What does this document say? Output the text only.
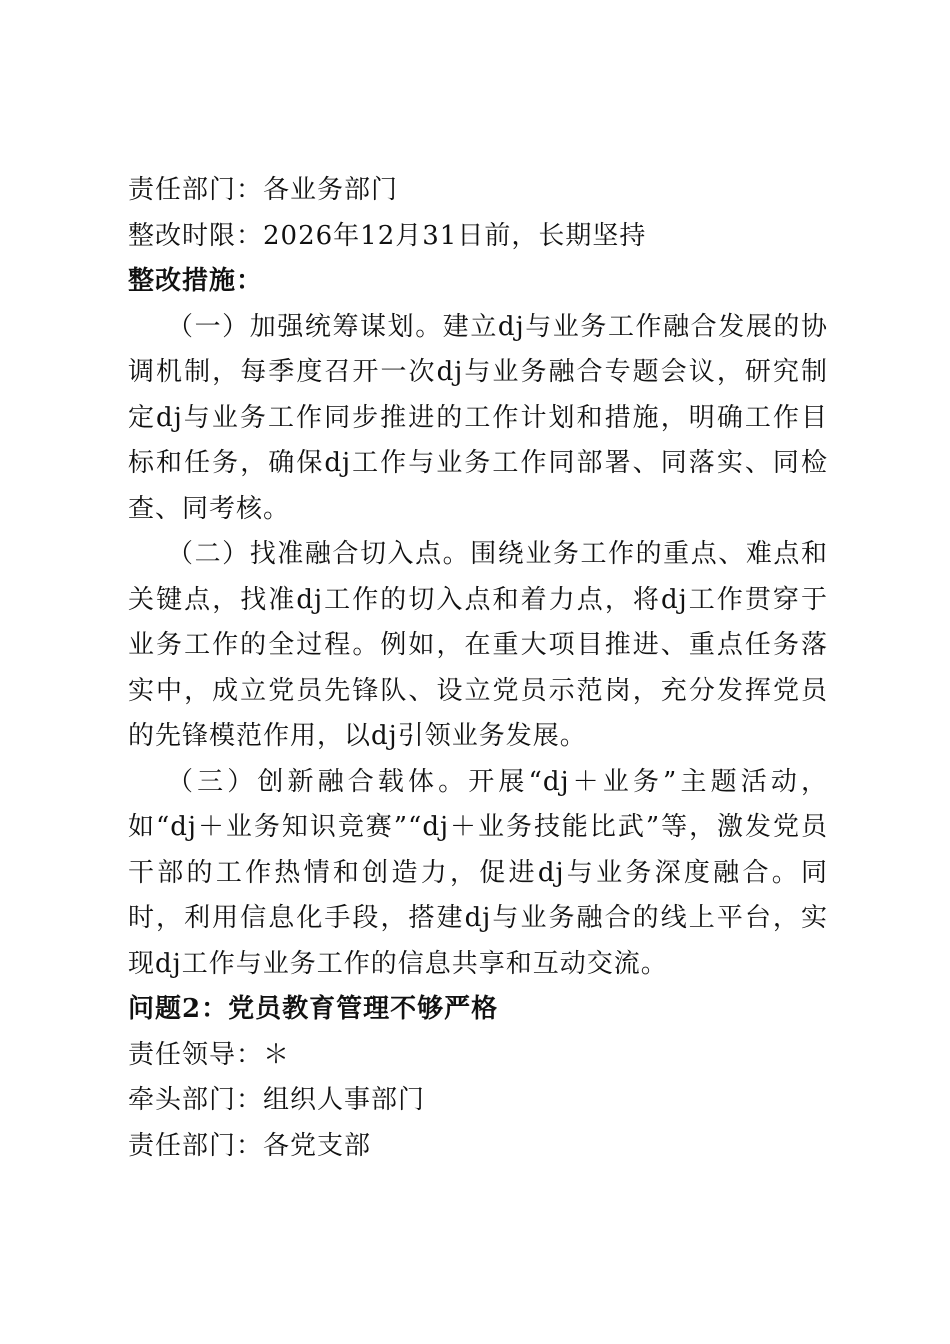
责任部门：各业务部门

整改时限：2026年12月31日前，长期坚持

整改措施：

（一）加强统筹谋划。建立dj与业务工作融合发展的协调机制，每季度召开一次dj与业务融合专题会议，研究制定dj与业务工作同步推进的工作计划和措施，明确工作目标和任务，确保dj工作与业务工作同部署、同落实、同检查、同考核。

（二）找准融合切入点。围绕业务工作的重点、难点和关键点，找准dj工作的切入点和着力点，将dj工作贯穿于业务工作的全过程。例如，在重大项目推进、重点任务落实中，成立党员先锋队、设立党员示范岗，充分发挥党员的先锋模范作用，以dj引领业务发展。

（三）创新融合载体。开展“dj＋业务”主题活动，如“dj＋业务知识竞赛”“dj＋业务技能比武”等，激发党员干部的工作热情和创造力，促进dj与业务深度融合。同时，利用信息化手段，搭建dj与业务融合的线上平台，实现dj工作与业务工作的信息共享和互动交流。

问题2：党员教育管理不够严格

责任领导：＊

牵头部门：组织人事部门

责任部门：各党支部
